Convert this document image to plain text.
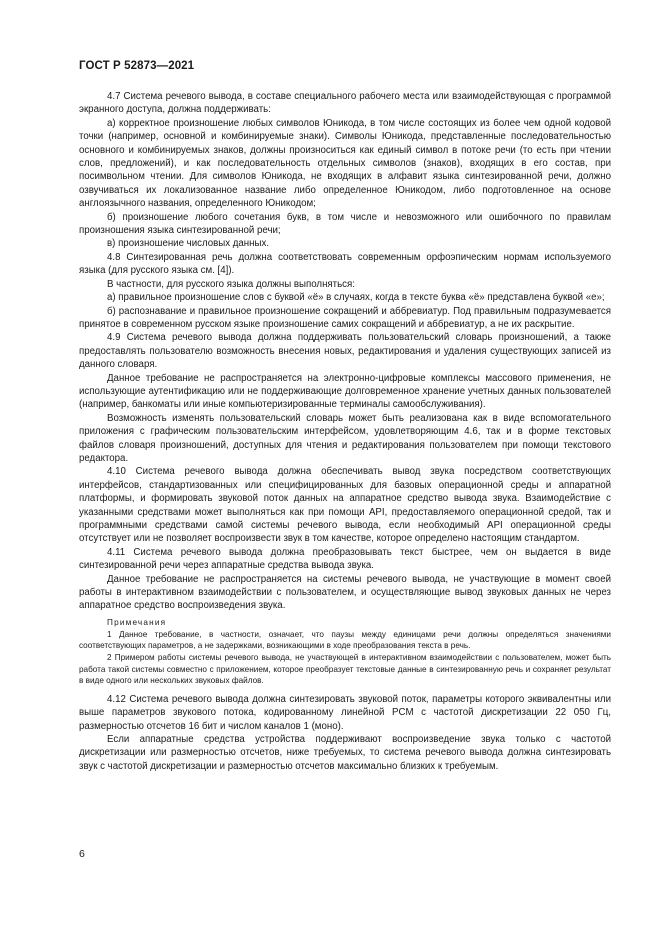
ГОСТ Р 52873—2021

4.7 Система речевого вывода, в составе специального рабочего места или взаимодействующая с программой экранного доступа, должна поддерживать:

а) корректное произношение любых символов Юникода, в том числе состоящих из более чем одной кодовой точки (например, основной и комбинируемые знаки). Символы Юникода, представленные последовательностью основного и комбинируемых знаков, должны произноситься как единый символ в потоке речи (то есть при чтении слов, предложений), и как последовательность отдельных символов (знаков), входящих в его состав, при посимвольном чтении. Для символов Юникода, не входящих в алфавит языка синтезированной речи, должно озвучиваться их локализованное название либо определенное Юникодом, либо подготовленное на основе англоязычного названия, определенного Юникодом;

б) произношение любого сочетания букв, в том числе и невозможного или ошибочного по правилам произношения языка синтезированной речи;

в) произношение числовых данных.

4.8 Синтезированная речь должна соответствовать современным орфоэпическим нормам используемого языка (для русского языка см. [4]).

В частности, для русского языка должны выполняться:

а) правильное произношение слов с буквой «ё» в случаях, когда в тексте буква «ё» представлена буквой «е»;

б) распознавание и правильное произношение сокращений и аббревиатур. Под правильным подразумевается принятое в современном русском языке произношение самих сокращений и аббревиатур, а не их раскрытие.

4.9 Система речевого вывода должна поддерживать пользовательский словарь произношений, а также предоставлять пользователю возможность внесения новых, редактирования и удаления существующих записей из данного словаря.

Данное требование не распространяется на электронно-цифровые комплексы массового применения, не использующие аутентификацию или не поддерживающие долговременное хранение учетных данных пользователей (например, банкоматы или иные компьютеризированные терминалы самообслуживания).

Возможность изменять пользовательский словарь может быть реализована как в виде вспомогательного приложения с графическим пользовательским интерфейсом, удовлетворяющим 4.6, так и в форме текстовых файлов словаря произношений, доступных для чтения и редактирования пользователем при помощи текстового редактора.

4.10 Система речевого вывода должна обеспечивать вывод звука посредством соответствующих интерфейсов, стандартизованных или специфицированных для базовых операционной среды и аппаратной платформы, и формировать звуковой поток данных на аппаратное средство вывода звука. Взаимодействие с указанными средствами может выполняться как при помощи API, предоставляемого операционной средой, так и программными средствами самой системы речевого вывода, если необходимый API операционной среды отсутствует или не позволяет воспроизвести звук в том качестве, которое определено настоящим стандартом.

4.11 Система речевого вывода должна преобразовывать текст быстрее, чем он выдается в виде синтезированной речи через аппаратные средства вывода звука.

Данное требование не распространяется на системы речевого вывода, не участвующие в момент своей работы в интерактивном взаимодействии с пользователем, и осуществляющие вывод звуковых данных не через аппаратное средство воспроизведения звука.

Примечания

1 Данное требование, в частности, означает, что паузы между единицами речи должны определяться значениями соответствующих параметров, а не задержками, возникающими в ходе преобразования текста в речь.

2 Примером работы системы речевого вывода, не участвующей в интерактивном взаимодействии с пользователем, может быть работа такой системы совместно с приложением, которое преобразует текстовые данные в синтезированную речь и сохраняет результат в виде одного или нескольких звуковых файлов.

4.12 Система речевого вывода должна синтезировать звуковой поток, параметры которого эквивалентны или выше параметров звукового потока, кодированному линейной PCM с частотой дискретизации 22 050 Гц, размерностью отсчетов 16 бит и числом каналов 1 (моно).

Если аппаратные средства устройства поддерживают воспроизведение звука только с частотой дискретизации или размерностью отсчетов, ниже требуемых, то система речевого вывода должна синтезировать звук с частотой дискретизации и размерностью отсчетов максимально близких к требуемым.

6
